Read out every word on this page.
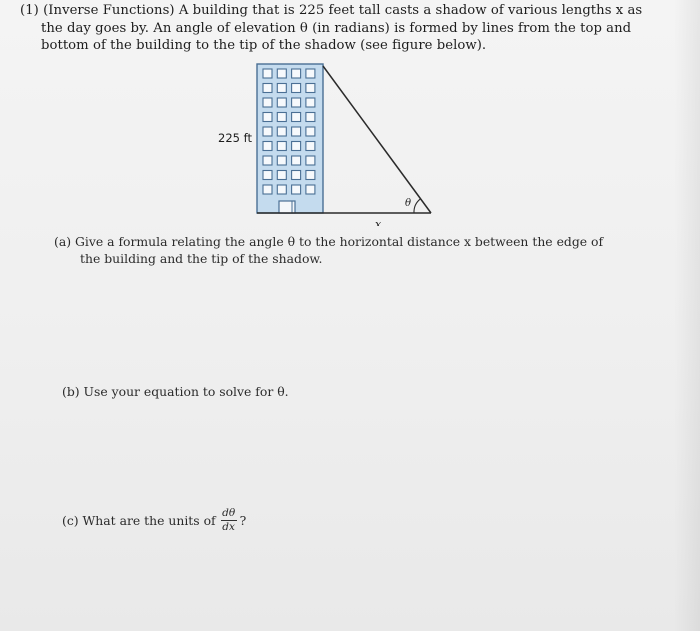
(1) (Inverse Functions) A building that is 225 feet tall casts a shadow of various lengths x as
the day goes by. An angle of elevation θ (in radians) is formed by lines from the top and
bottom of the building to the tip of the shadow (see figure below).
225 ft
θ
x
(a) Give a formula relating the angle θ to the horizontal distance x between the edge of
the building and the tip of the shadow.
(b) Use your equation to solve for θ.
(c) What are the units of $\frac{d\theta}{dx}$ ?
